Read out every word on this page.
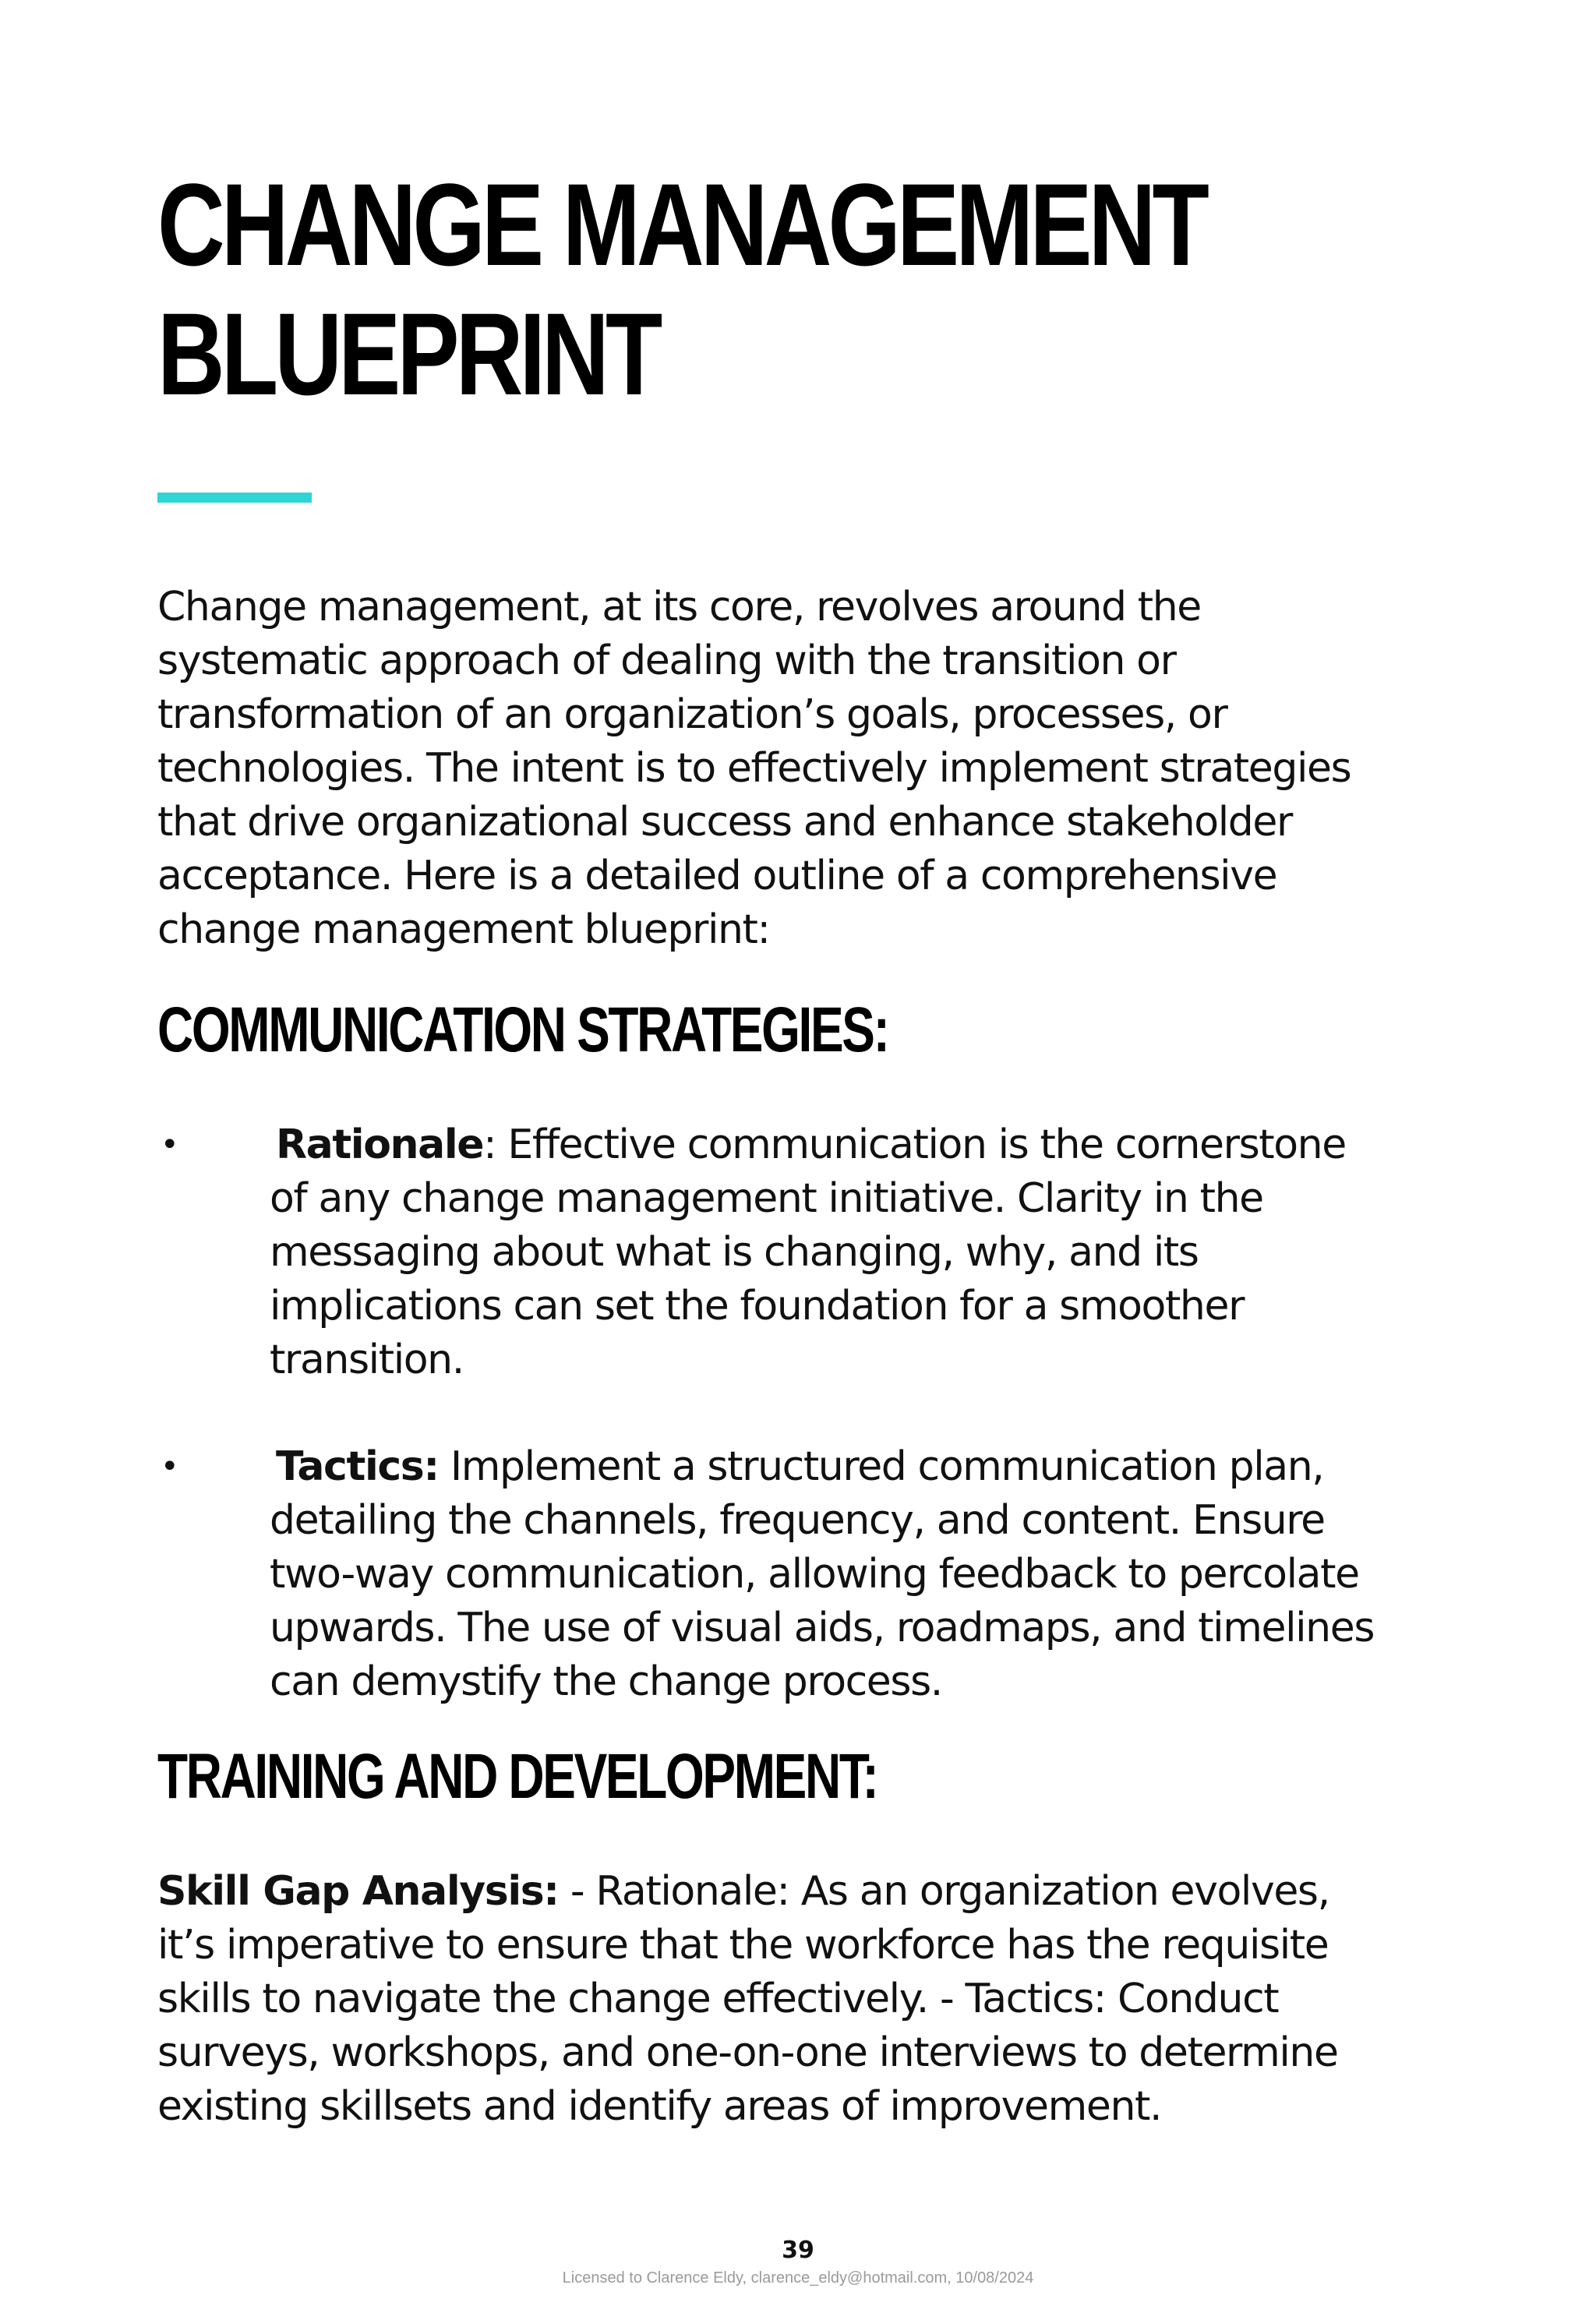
CHANGE MANAGEMENT
BLUEPRINT

Change management, at its core, revolves around the
systematic approach of dealing with the transition or
transformation of an organization’s goals, processes, or
technologies. The intent is to effectively implement strategies
that drive organizational success and enhance stakeholder
acceptance. Here is a detailed outline of a comprehensive
change management blueprint:

COMMUNICATION STRATEGIES:
• Rationale: Effective communication is the cornerstone
of any change management initiative. Clarity in the
messaging about what is changing, why, and its
implications can set the foundation for a smoother
transition.
• Tactics: Implement a structured communication plan,
detailing the channels, frequency, and content. Ensure
two-way communication, allowing feedback to percolate
upwards. The use of visual aids, roadmaps, and timelines
can demystify the change process.
TRAINING AND DEVELOPMENT:

Skill Gap Analysis: - Rationale: As an organization evolves,
it’s imperative to ensure that the workforce has the requisite
skills to navigate the change effectively. - Tactics: Conduct
surveys, workshops, and one-on-one interviews to determine
existing skillsets and identify areas of improvement.

39
Licensed to Clarence Eldy, clarence_eldy@hotmail.com, 10/08/2024
